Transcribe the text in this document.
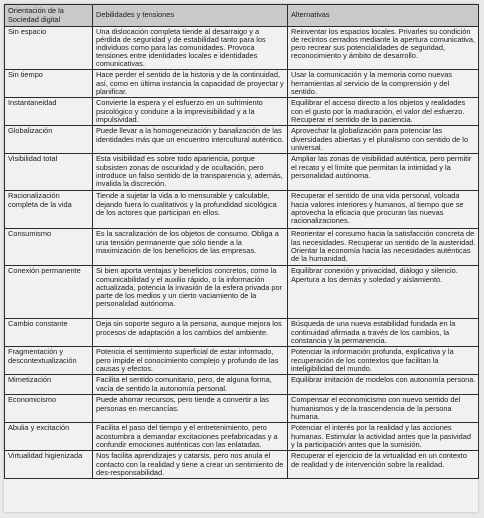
Orientación de la Sociedad digital	Debilidades y tensiones	Alternativas
Sin espacio	Una dislocación completa tiende al desarraigo y a pérdida de seguridad y de estabilidad tanto para los individuos como para las comunidades. Provoca tensiones entre identidades locales e identidades comunicativas.	Reinventar los espacios locales. Privarles su condición de recintos cerrados mediante la apertura comunicativa, pero recrear sus potencialidades de seguridad, reconocimiento y ámbito de desarrollo.
Sin tiempo	Hace perder el sentido de la historia y de la continuidad, así, como en última instancia la capacidad de proyectar y planificar.	Usar la comunicación y la memoria como nuevas herramientas al servicio de la comprensión y del sentido.
Instantaneidad	Convierte la espera y el esfuerzo en un sufrimiento psicológico y conduce a la imprevisibilidad y a la impulsividad.	Equilibrar el acceso directo a los objetos y realidades con el gusto por la maduración, el valor del esfuerzo. Recuperar el sentido de la paciencia.
Globalización	Puede llevar a la homogeneización y banalización de las identidades más que un encuentro intercultural auténtico.	Aprovechar la globalización para potenciar las diversidades abiertas y el pluralismo con sentido de lo universal.
Visibilidad total	Esta visibilidad es sobre todo apariencia, porque subsisten zonas de oscuridad y de ocultación, pero introduce un falso sentido de la transparencia y, además, invalida la discreción.	Ampliar las zonas de visibilidad auténtica, pero permitir el recato y el límite que permitan la intimidad y la personalidad autónoma.
Racionalización completa de la vida	Tiende a sujetar la vida a lo mensurable y calculable, dejando fuera lo cualitativos y la profundidad sicológica de los actores que participan en ellos.	Recuperar el sentido de una vida personal, volcada hacia valores interiores y humanos, al tiempo que se aprovecha la eficacia que procuran las nuevas racionalizaciones.
Consumismo	Es la sacralización de los objetos de consumo. Obliga a una tensión permanente que sólo tiende a la maximización de los beneficios de las empresas.	Reorientar el consumo hacia la satisfacción concreta de las necesidades. Recuperar un sentido de la austeridad. Orientar la economía hacia las necesidades auténticas de la humanidad.
Conexión permanente	Si bien aporta ventajas y beneficios concretos, como la comunicabilidad y el auxilio rápido, o la información actualizada, potencia la invasión de la esfera privada por parte de los medios y un cierto vaciamiento de la personalidad autónoma.	Equilibrar conexión y privacidad, diálogo y silencio. Apertura a los demás y soledad y aislamiento.
Cambio constante	Deja sin soporte seguro a la persona, aunque mejora los procesos de adaptación a los cambios del ambiente.	Búsqueda de una nueva estabilidad fundada en la continuidad afirmada a través de los cambios, la constancia y la permanencia.
Fragmentación y descontextualización	Potencia el sentimiento superficial de estar informado, pero impide el conocimiento complejo y profundo de las causas y efectos.	Potenciar la información profunda, explicativa y la recuperación de los contextos que facilitan la inteligibilidad del mundo.
Mimetización	Facilita el sentido comunitario, pero, de alguna forma, vacía de sentido la autonomía personal.	Equilibrar imitación de modelos con autonomía persona.
Economicismo	Puede ahorrar recursos, pero tiende a convertir a las personas en mercancías.	Compensar el economicismo con nuevo sentido del humanismos y de la trascendencia de la persona humana.
Abulia y excitación	Facilita el paso del tiempo y el entretenimiento, pero acostumbra a demandar excitaciones prefabricadas y a confundir emociones auténticas con las enlatadas.	Potenciar el interés por la realidad y las acciones humanas. Estimular la actividad antes que la pasividad y la participación antes que la sumisión.
Virtualidad higienizada	Nos facilita aprendizajes y catarsis, pero nos anula el contacto con la realidad y tiene a crear un sentimiento de des-responsabilidad.	Recuperar el ejercicio de la virtualidad en un contexto de realidad y de intervención sobre la realidad.
